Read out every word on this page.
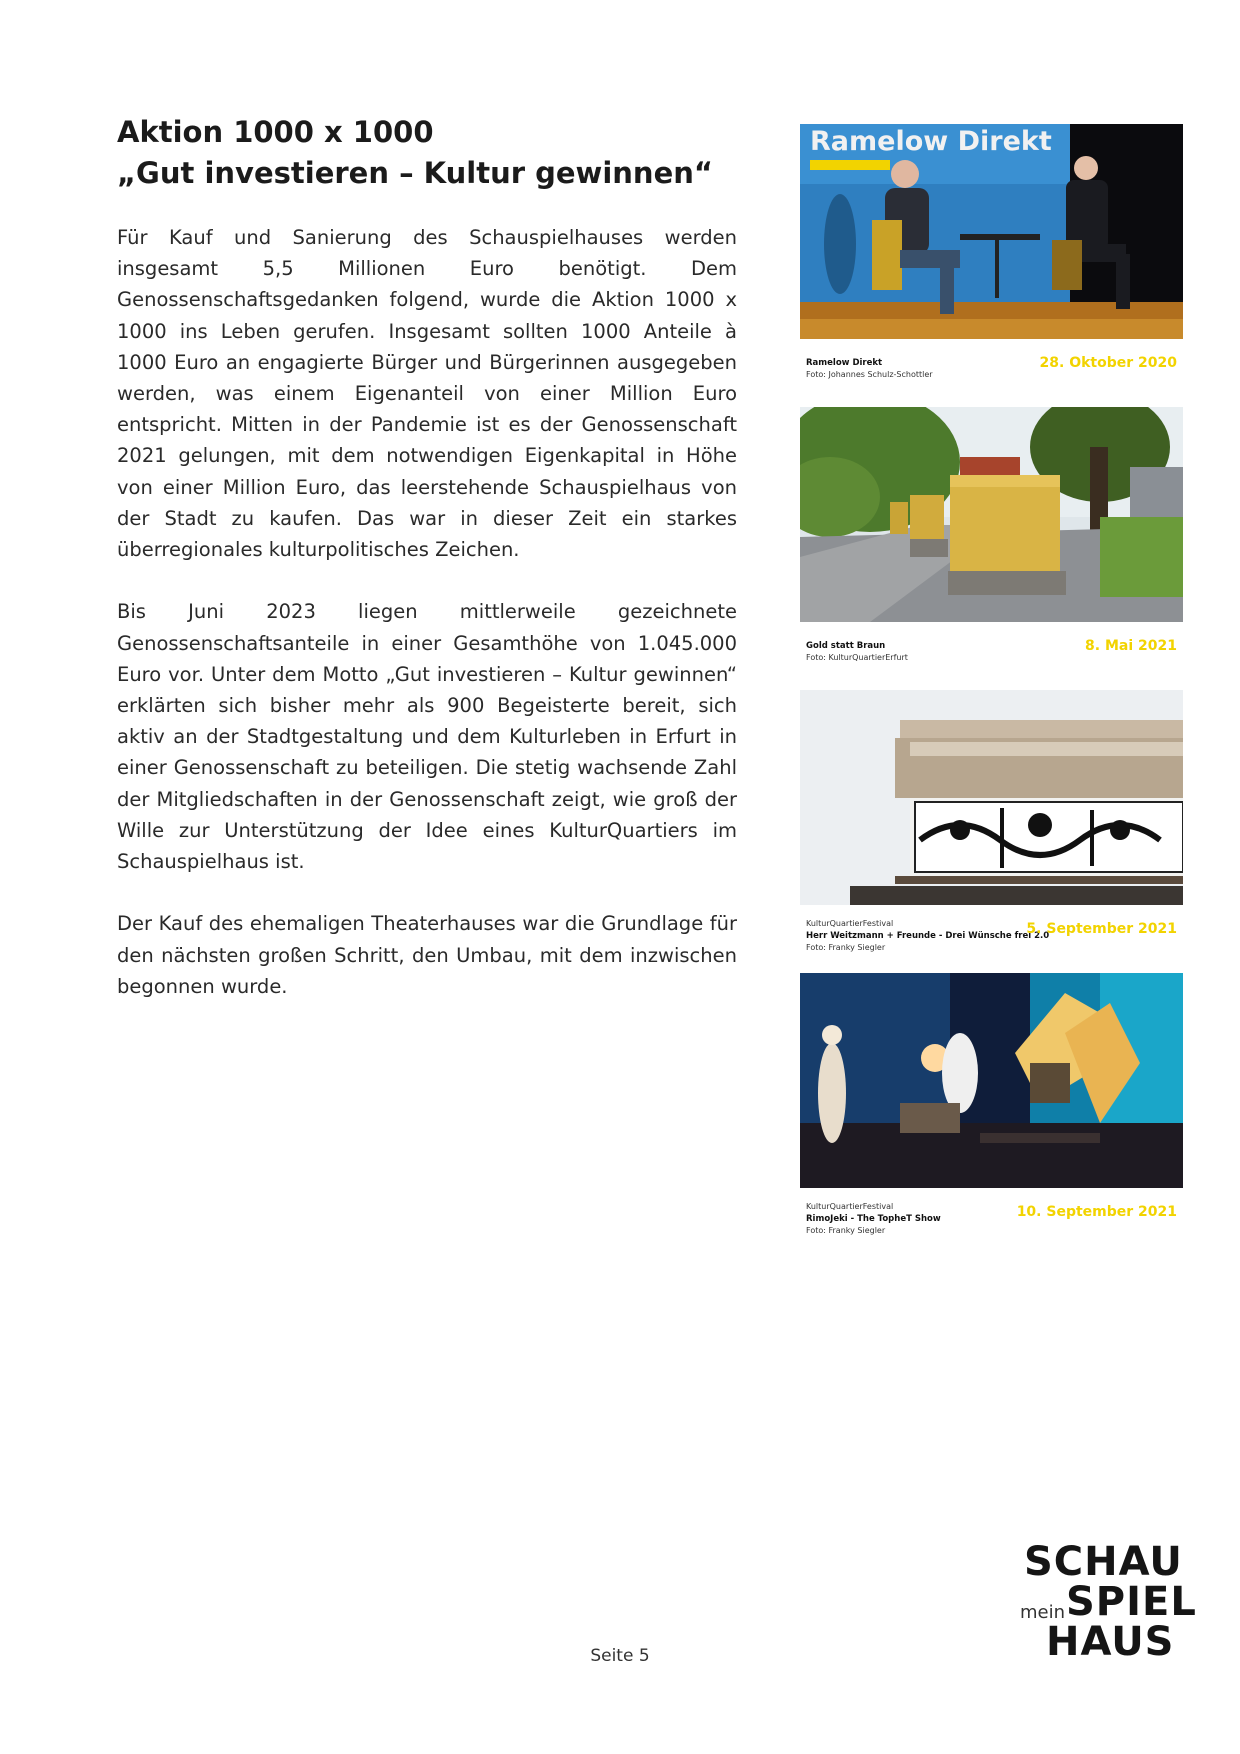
Aktion 1000 x 1000
„Gut investieren – Kultur gewinnen“

Für Kauf und Sanierung des Schauspielhauses werden insgesamt 5,5 Millionen Euro benötigt. Dem Genossenschaftsgedanken folgend, wurde die Aktion 1000 x 1000 ins Leben gerufen. Insgesamt sollten 1000 Anteile à 1000 Euro an engagierte Bürger und Bürgerinnen ausgegeben werden, was einem Eigenanteil von einer Million Euro entspricht. Mitten in der Pandemie ist es der Genossenschaft 2021 gelungen, mit dem notwendigen Eigenkapital in Höhe von einer Million Euro, das leerstehende Schauspielhaus von der Stadt zu kaufen. Das war in dieser Zeit ein starkes überregionales kulturpolitisches Zeichen.

Bis Juni 2023 liegen mittlerweile gezeichnete Genossenschaftsanteile in einer Gesamthöhe von 1.045.000 Euro vor. Unter dem Motto „Gut investieren – Kultur gewinnen“ erklärten sich bisher mehr als 900 Begeisterte bereit, sich aktiv an der Stadtgestaltung und dem Kulturleben in Erfurt in einer Genossenschaft zu beteiligen. Die stetig wachsende Zahl der Mitgliedschaften in der Genossenschaft zeigt, wie groß der Wille zur Unterstützung der Idee eines KulturQuartiers im Schauspielhaus ist.

Der Kauf des ehemaligen Theaterhauses war die Grundlage für den nächsten großen Schritt, den Umbau, mit dem inzwischen begonnen wurde.

Ramelow Direkt
Ramelow Direkt
Foto: Johannes Schulz-Schottler
28. Oktober 2020
Gold statt Braun
Foto: KulturQuartierErfurt
8. Mai 2021
KulturQuartierFestival
Herr Weitzmann + Freunde - Drei Wünsche frei 2.0
Foto: Franky Siegler
5. September 2021
KulturQuartierFestival
RimoJeki - The TopheT Show
Foto: Franky Siegler
10. September 2021
Seite 5
SCHAU
mein SPIEL
HAUS
